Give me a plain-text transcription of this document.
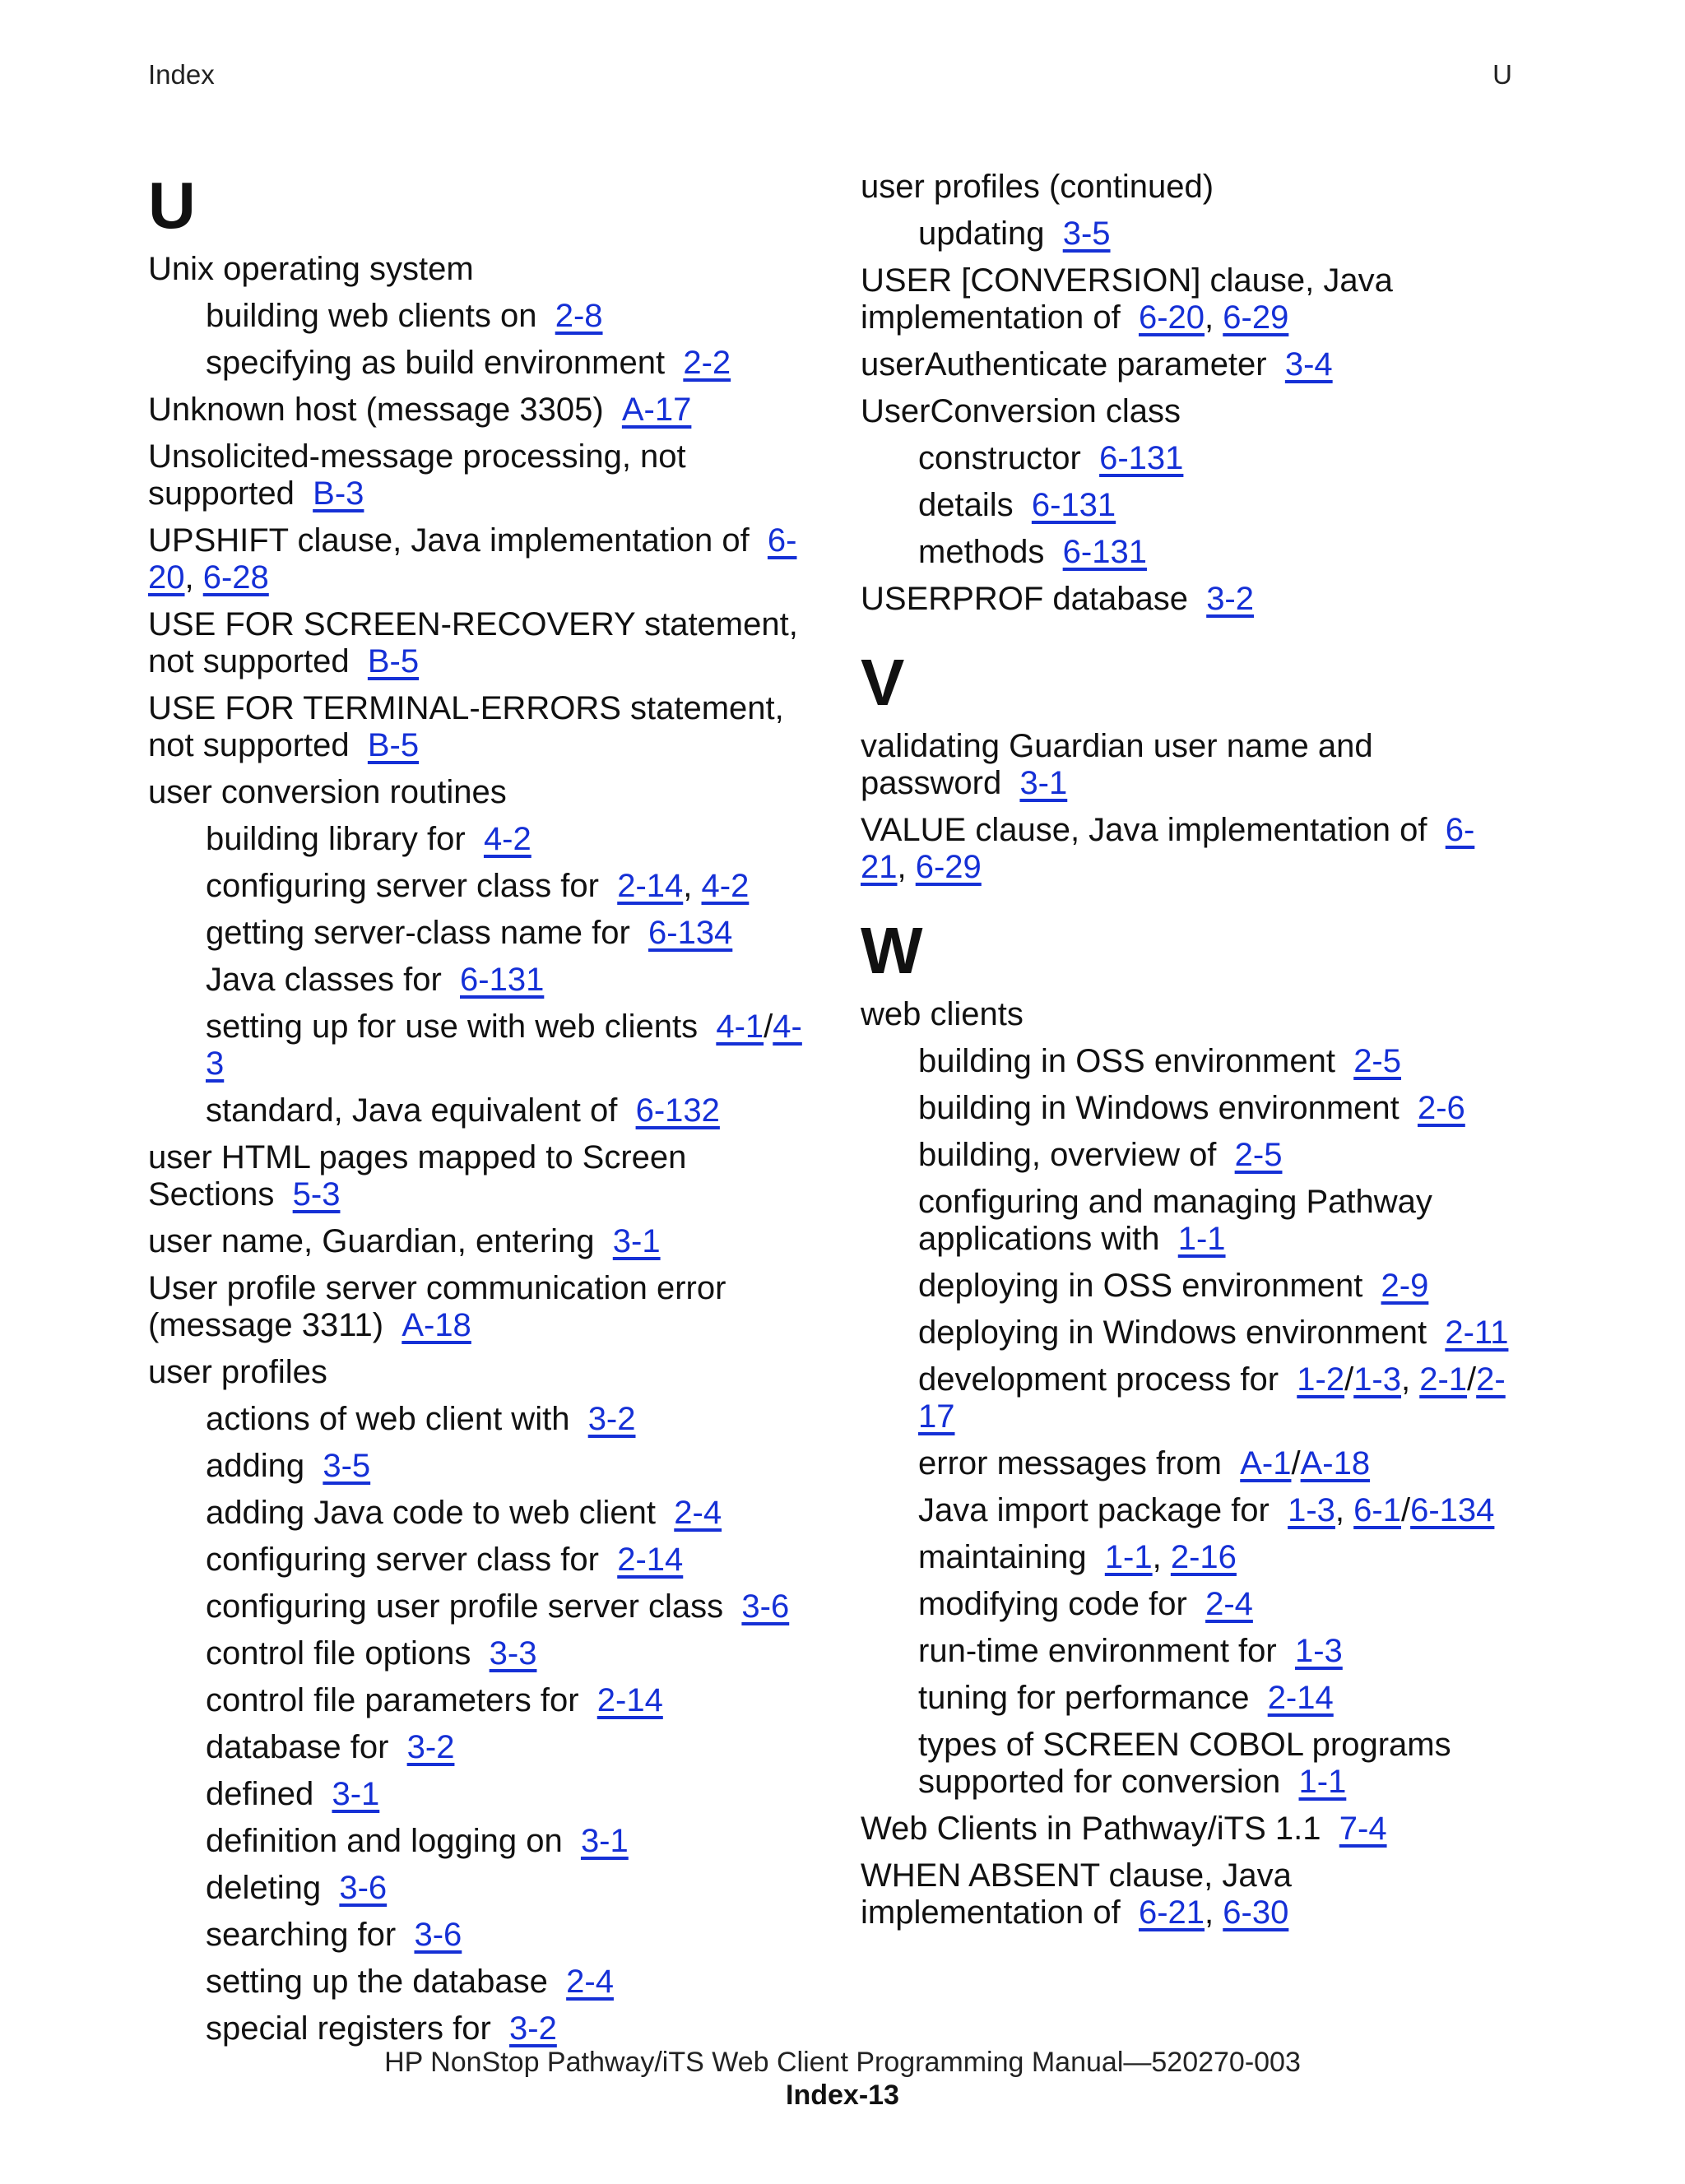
Index	U
U
Unix operating system
building web clients on 2-8
specifying as build environment 2-2
Unknown host (message 3305) A-17
Unsolicited-message processing, not supported B-3
UPSHIFT clause, Java implementation of 6-20, 6-28
USE FOR SCREEN-RECOVERY statement, not supported B-5
USE FOR TERMINAL-ERRORS statement, not supported B-5
user conversion routines
building library for 4-2
configuring server class for 2-14, 4-2
getting server-class name for 6-134
Java classes for 6-131
setting up for use with web clients 4-1/4-3
standard, Java equivalent of 6-132
user HTML pages mapped to Screen Sections 5-3
user name, Guardian, entering 3-1
User profile server communication error (message 3311) A-18
user profiles
actions of web client with 3-2
adding 3-5
adding Java code to web client 2-4
configuring server class for 2-14
configuring user profile server class 3-6
control file options 3-3
control file parameters for 2-14
database for 3-2
defined 3-1
definition and logging on 3-1
deleting 3-6
searching for 3-6
setting up the database 2-4
special registers for 3-2
user profiles (continued)
updating 3-5
USER [CONVERSION] clause, Java implementation of 6-20, 6-29
userAuthenticate parameter 3-4
UserConversion class
constructor 6-131
details 6-131
methods 6-131
USERPROF database 3-2
V
validating Guardian user name and password 3-1
VALUE clause, Java implementation of 6-21, 6-29
W
web clients
building in OSS environment 2-5
building in Windows environment 2-6
building, overview of 2-5
configuring and managing Pathway applications with 1-1
deploying in OSS environment 2-9
deploying in Windows environment 2-11
development process for 1-2/1-3, 2-1/2-17
error messages from A-1/A-18
Java import package for 1-3, 6-1/6-134
maintaining 1-1, 2-16
modifying code for 2-4
run-time environment for 1-3
tuning for performance 2-14
types of SCREEN COBOL programs supported for conversion 1-1
Web Clients in Pathway/iTS 1.1 7-4
WHEN ABSENT clause, Java implementation of 6-21, 6-30
HP NonStop Pathway/iTS Web Client Programming Manual—520270-003
Index-13
